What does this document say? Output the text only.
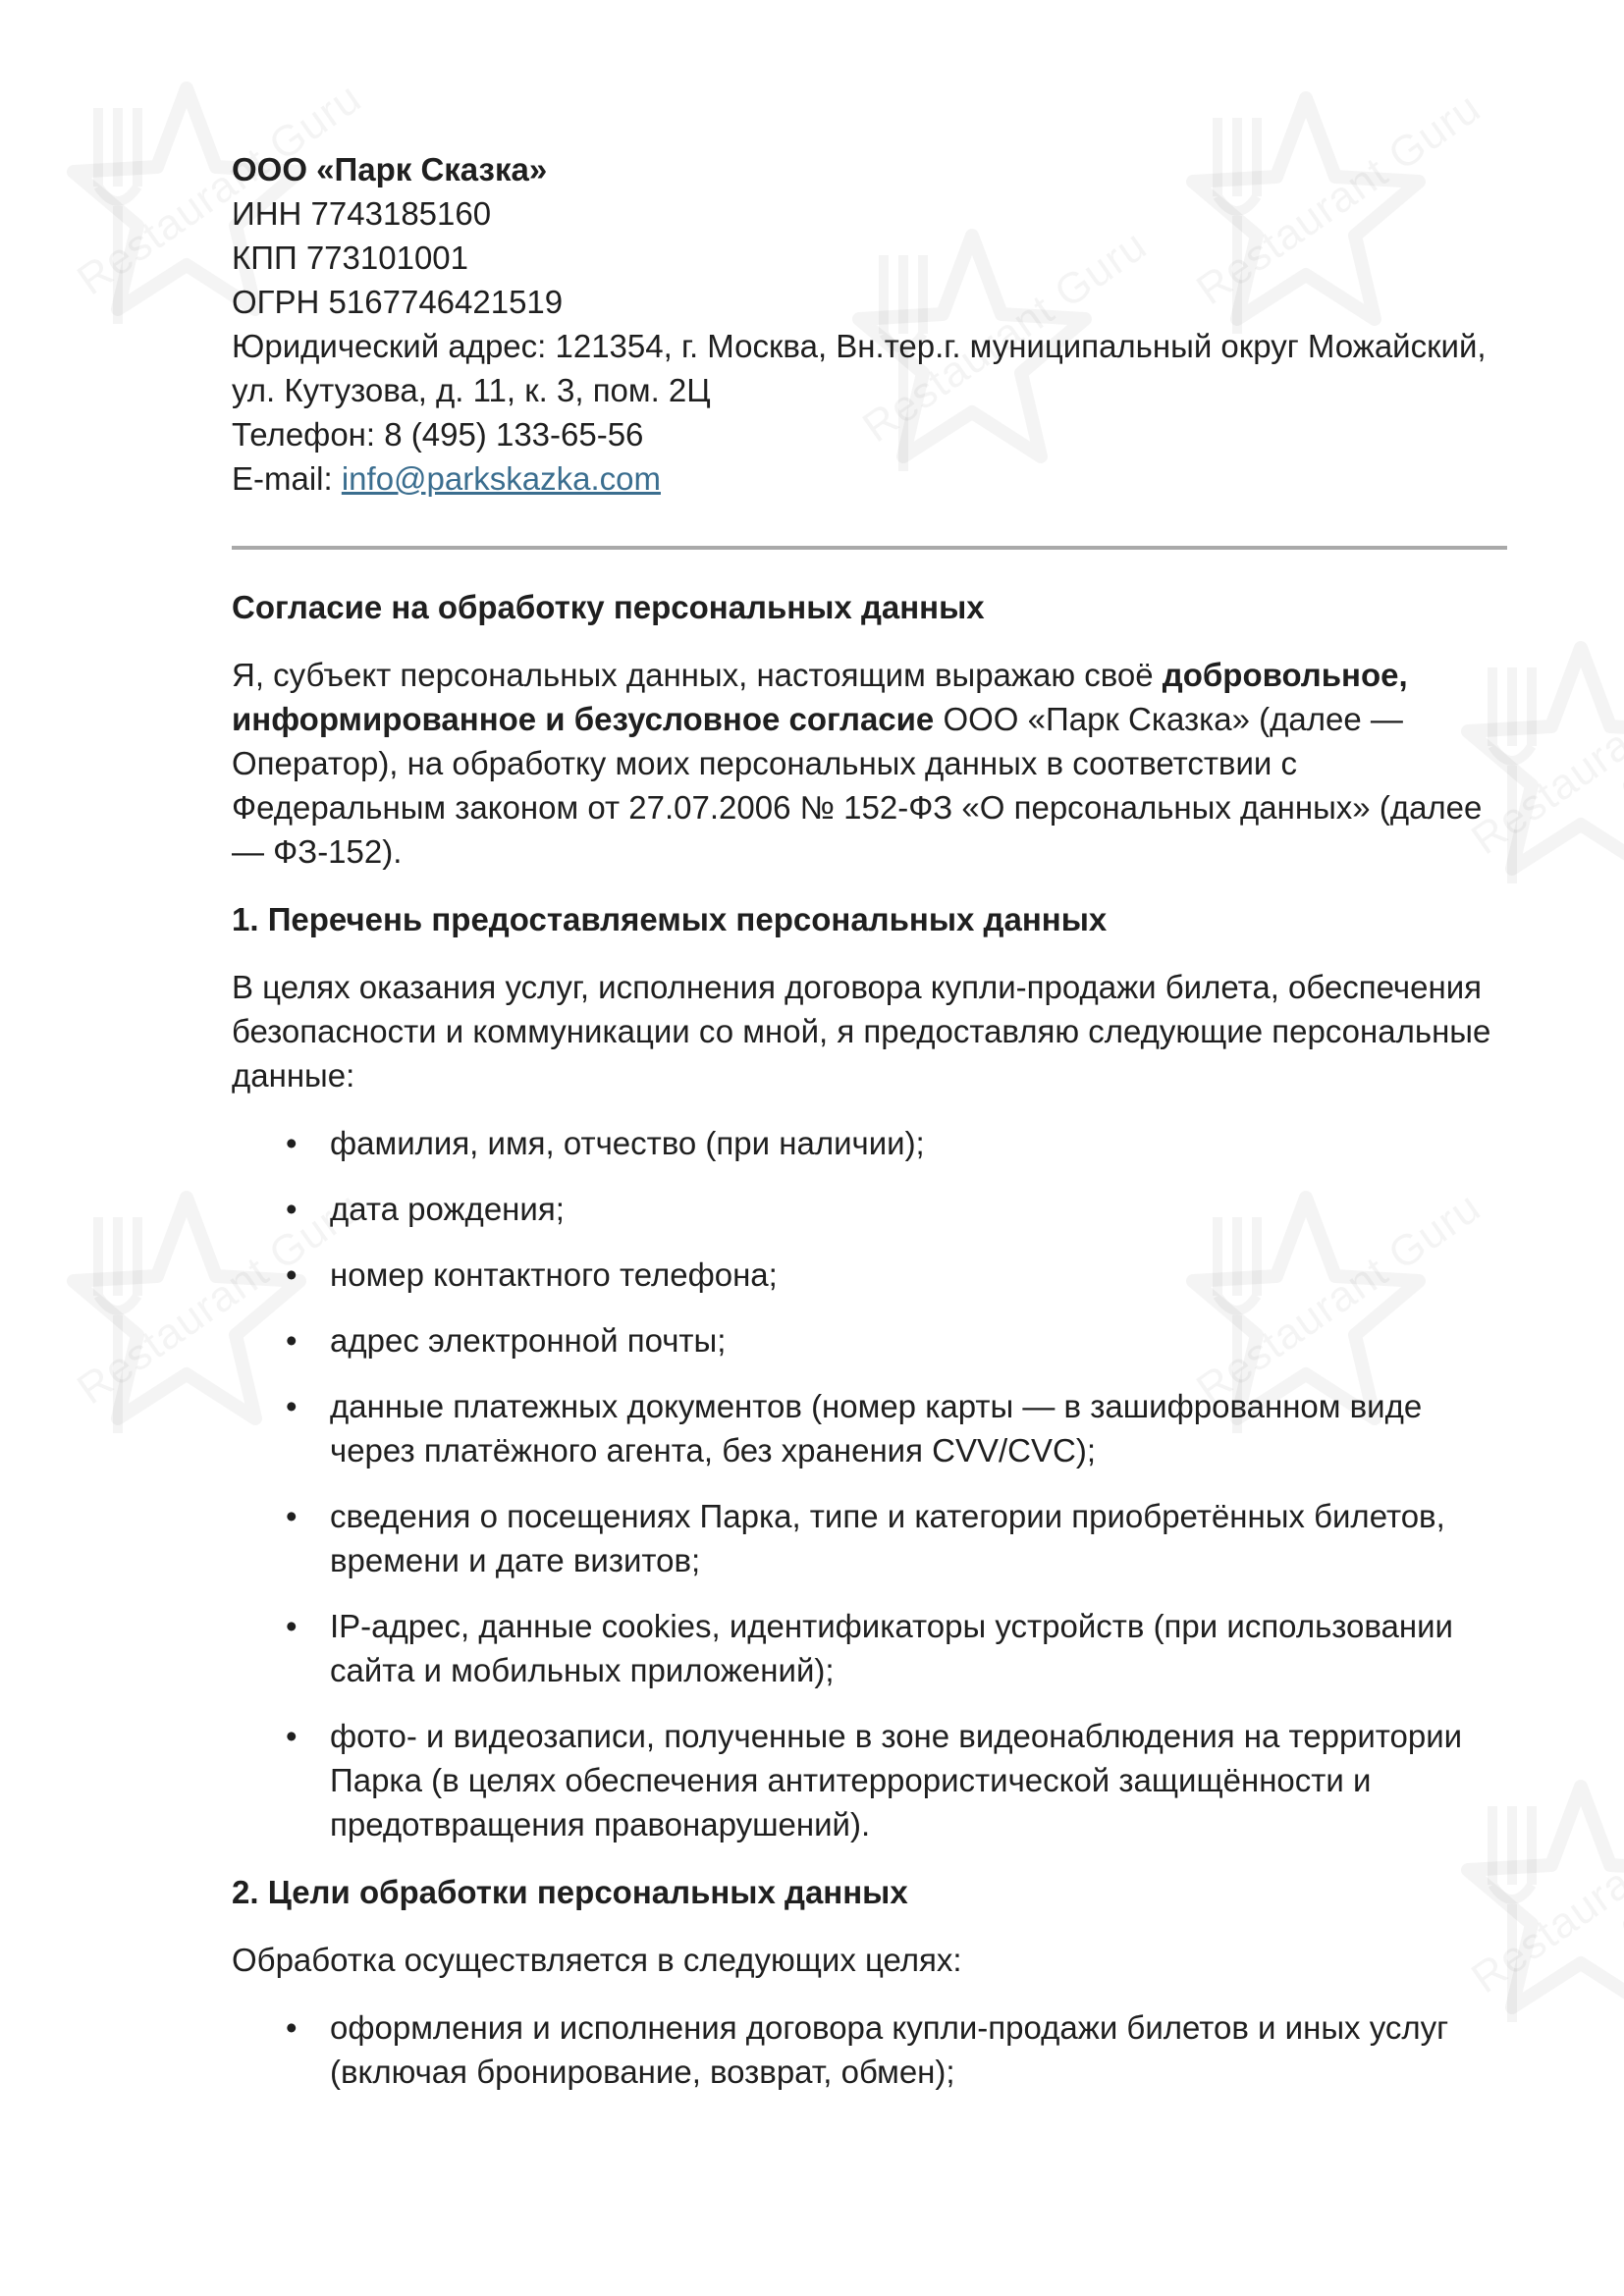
ООО «Парк Сказка»

ИНН 7743185160

КПП 773101001

ОГРН 5167746421519

Юридический адрес: 121354, г. Москва, Вн.тер.г. муниципальный округ Можайский,

ул. Кутузова, д. 11, к. 3, пом. 2Ц

Телефон: 8 (495) 133-65-56

E-mail: info@parkskazka.com

Согласие на обработку персональных данных

Я, субъект персональных данных, настоящим выражаю своё добровольное, информированное и безусловное согласие ООО «Парк Сказка» (далее — Оператор), на обработку моих персональных данных в соответствии с Федеральным законом от 27.07.2006 № 152-ФЗ «О персональных данных» (далее — ФЗ-152).

1. Перечень предоставляемых персональных данных

В целях оказания услуг, исполнения договора купли-продажи билета, обеспечения безопасности и коммуникации со мной, я предоставляю следующие персональные данные:

• фамилия, имя, отчество (при наличии);
• дата рождения;
• номер контактного телефона;
• адрес электронной почты;
• данные платежных документов (номер карты — в зашифрованном виде через платёжного агента, без хранения CVV/CVC);
• сведения о посещениях Парка, типе и категории приобретённых билетов, времени и дате визитов;
• IP-адрес, данные cookies, идентификаторы устройств (при использовании сайта и мобильных приложений);
• фото- и видеозаписи, полученные в зоне видеонаблюдения на территории Парка (в целях обеспечения антитеррористической защищённости и предотвращения правонарушений).
2. Цели обработки персональных данных

Обработка осуществляется в следующих целях:

• оформления и исполнения договора купли-продажи билетов и иных услуг (включая бронирование, возврат, обмен);
